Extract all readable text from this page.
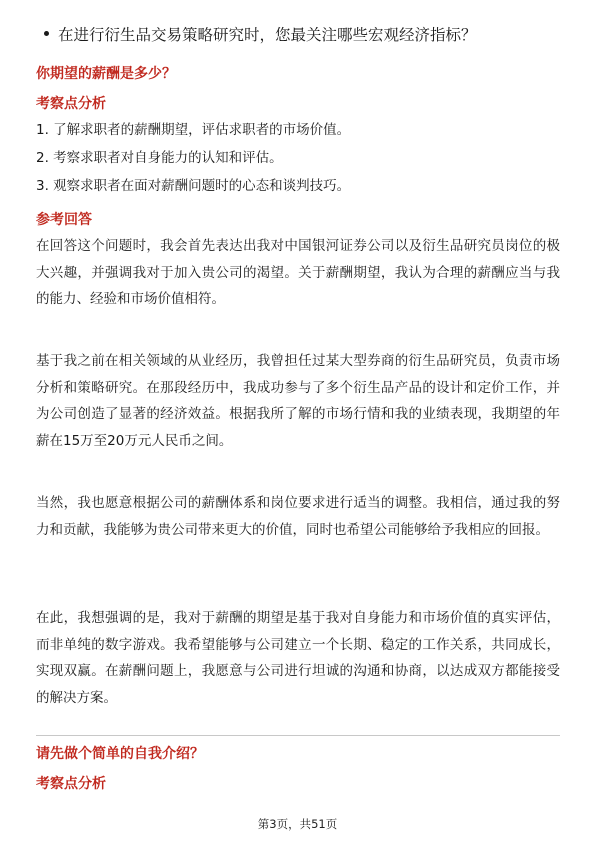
在进行衍生品交易策略研究时，您最关注哪些宏观经济指标？
你期望的薪酬是多少？
考察点分析
1. 了解求职者的薪酬期望，评估求职者的市场价值。
2. 考察求职者对自身能力的认知和评估。
3. 观察求职者在面对薪酬问题时的心态和谈判技巧。
参考回答

在回答这个问题时，我会首先表达出我对中国银河证券公司以及衍生品研究员岗位的极大兴趣，并强调我对于加入贵公司的渴望。关于薪酬期望，我认为合理的薪酬应当与我的能力、经验和市场价值相符。

基于我之前在相关领域的从业经历，我曾担任过某大型券商的衍生品研究员，负责市场分析和策略研究。在那段经历中，我成功参与了多个衍生品产品的设计和定价工作，并为公司创造了显著的经济效益。根据我所了解的市场行情和我的业绩表现，我期望的年薪在15万至20万元人民币之间。

当然，我也愿意根据公司的薪酬体系和岗位要求进行适当的调整。我相信，通过我的努力和贡献，我能够为贵公司带来更大的价值，同时也希望公司能够给予我相应的回报。

在此，我想强调的是，我对于薪酬的期望是基于我对自身能力和市场价值的真实评估，而非单纯的数字游戏。我希望能够与公司建立一个长期、稳定的工作关系，共同成长，实现双赢。在薪酬问题上，我愿意与公司进行坦诚的沟通和协商，以达成双方都能接受的解决方案。

请先做个简单的自我介绍？
考察点分析
第3页，共51页
